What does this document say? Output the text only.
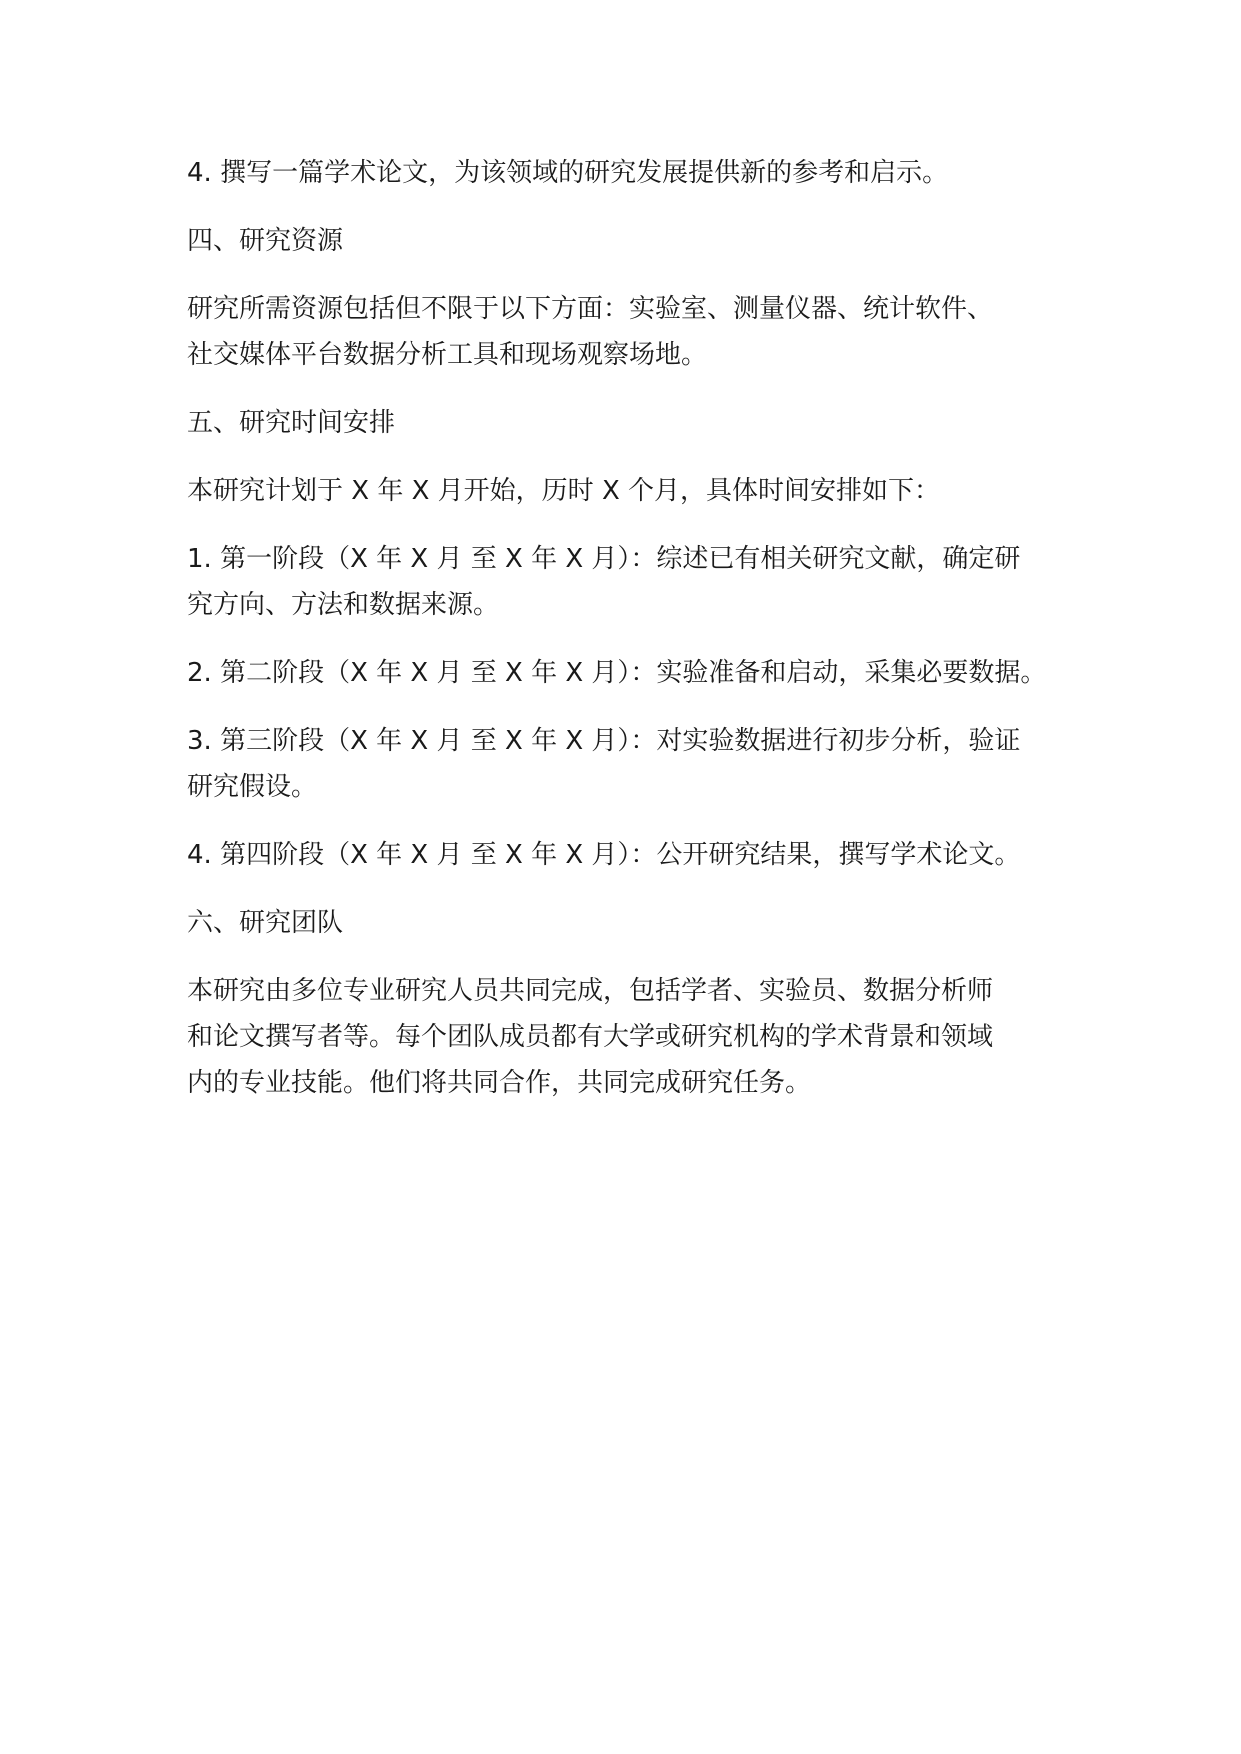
4. 撰写一篇学术论文，为该领域的研究发展提供新的参考和启示。

四、研究资源

研究所需资源包括但不限于以下方面：实验室、测量仪器、统计软件、
社交媒体平台数据分析工具和现场观察场地。

五、研究时间安排

本研究计划于 X 年 X 月开始，历时 X 个月，具体时间安排如下：

1. 第一阶段（X 年 X 月 至 X 年 X 月）：综述已有相关研究文献，确定研
究方向、方法和数据来源。

2. 第二阶段（X 年 X 月 至 X 年 X 月）：实验准备和启动，采集必要数据。

3. 第三阶段（X 年 X 月 至 X 年 X 月）：对实验数据进行初步分析，验证
研究假设。

4. 第四阶段（X 年 X 月 至 X 年 X 月）：公开研究结果，撰写学术论文。

六、研究团队

本研究由多位专业研究人员共同完成，包括学者、实验员、数据分析师
和论文撰写者等。每个团队成员都有大学或研究机构的学术背景和领域
内的专业技能。他们将共同合作，共同完成研究任务。
